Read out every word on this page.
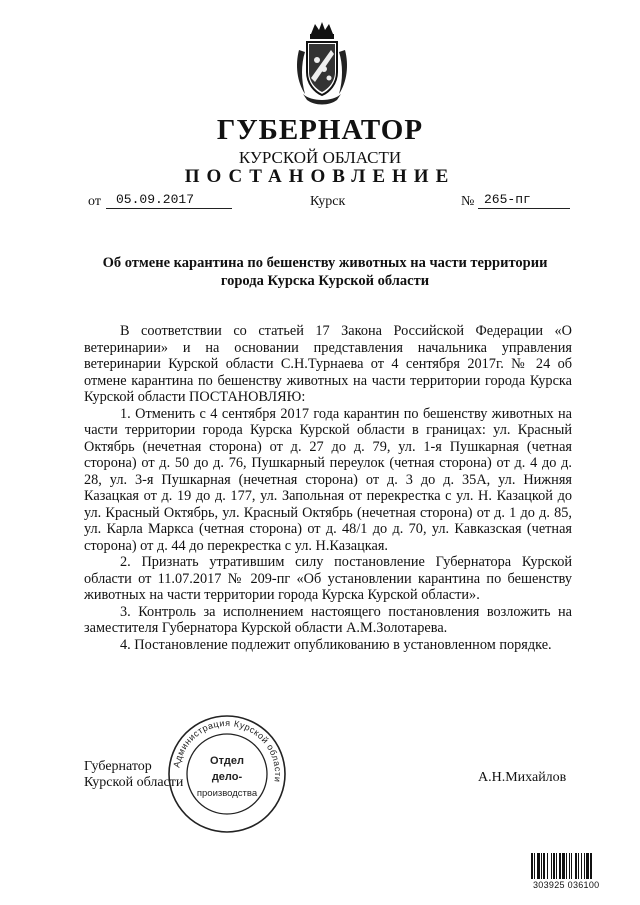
ГУБЕРНАТОР
КУРСКОЙ ОБЛАСТИ
ПОСТАНОВЛЕНИЕ
от 05.09.2017	Курск	№ 265-пг
Об отмене карантина по бешенству животных на части территории
города Курска Курской области

В соответствии со статьей 17 Закона Российской Федерации «О ветеринарии» и на основании представления начальника управления ветеринарии Курской области С.Н.Турнаева от 4 сентября 2017г. № 24 об отмене карантина по бешенству животных на части территории города Курска Курской области ПОСТАНОВЛЯЮ:

1. Отменить с 4 сентября 2017 года карантин по бешенству животных на части территории города Курска Курской области в границах: ул. Красный Октябрь (нечетная сторона) от д. 27 до д. 79, ул. 1-я Пушкарная (четная сторона) от д. 50 до д. 76, Пушкарный переулок (четная сторона) от д. 4 до д. 28, ул. 3-я Пушкарная (нечетная сторона) от д. 3 до д. 35А, ул. Нижняя Казацкая от д. 19 до д. 177, ул. Запольная от перекрестка с ул. Н. Казацкой до ул. Красный Октябрь, ул. Красный Октябрь (нечетная сторона) от д. 1 до д. 85, ул. Карла Маркса (четная сторона) от д. 48/1 до д. 70, ул. Кавказская (четная сторона) от д. 44 до перекрестка с ул. Н.Казацкая.

2. Признать утратившим силу постановление Губернатора Курской области от 11.07.2017 № 209-пг «Об установлении карантина по бешенству животных на части территории города Курска Курской области».

3. Контроль за исполнением настоящего постановления возложить на заместителя Губернатора Курской области А.М.Золотарева.

4. Постановление подлежит опубликованию в установленном порядке.

Губернатор
Курской области	А.Н.Михайлов
Администрация Курской области
Отдел
дело-
производства
303925 036100
